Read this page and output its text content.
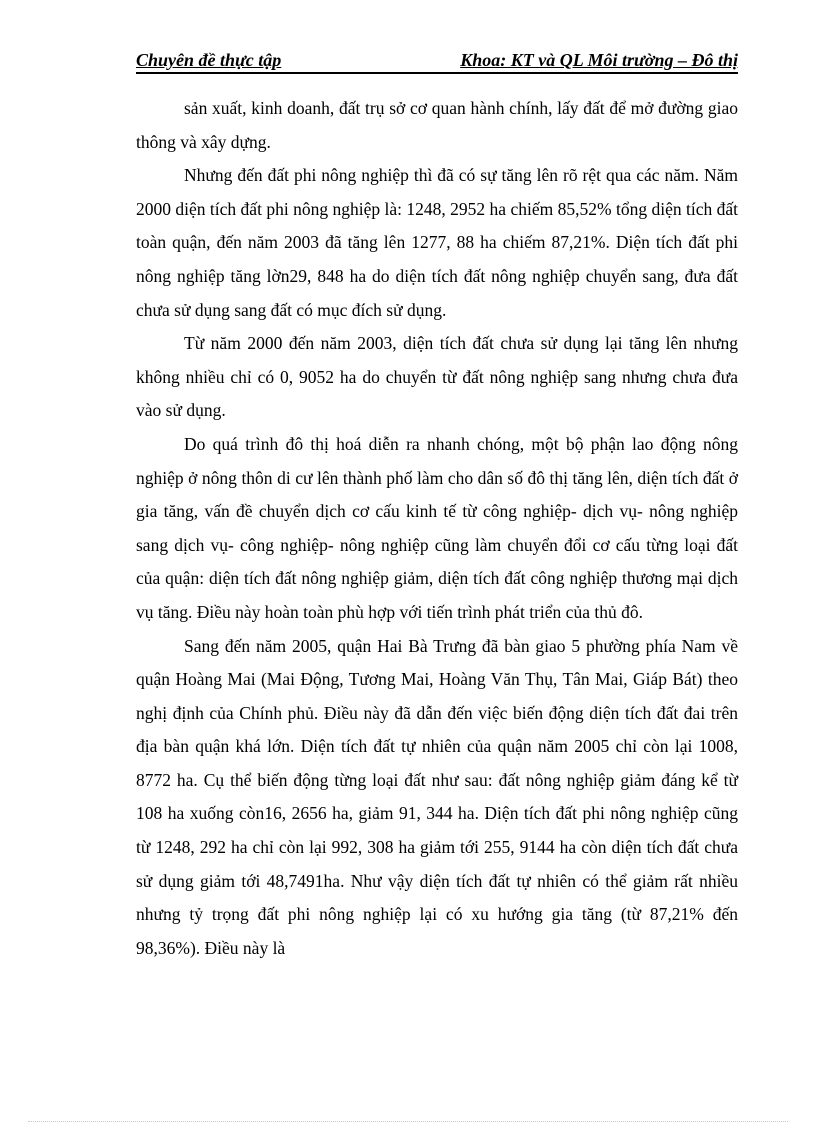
Chuyên đề thực tập	Khoa: KT và QL Môi trường – Đô thị

sản xuất, kinh doanh, đất trụ sở cơ quan hành chính, lấy đất để mở đường giao thông và xây dựng.

Nhưng đến đất phi nông nghiệp thì đã có sự tăng lên rõ rệt qua các năm. Năm 2000 diện tích đất phi nông nghiệp là: 1248, 2952 ha chiếm 85,52% tổng diện tích đất toàn quận, đến năm 2003 đã tăng lên 1277, 88 ha chiếm 87,21%. Diện tích đất phi nông nghiệp tăng lờn29, 848 ha do diện tích đất nông nghiệp chuyển sang, đưa đất chưa sử dụng sang đất có mục đích sử dụng.

Từ năm 2000 đến năm 2003, diện tích đất chưa sử dụng lại tăng lên nhưng không nhiều chỉ có 0, 9052 ha do chuyển từ đất nông nghiệp sang nhưng chưa đưa vào sử dụng.

Do quá trình đô thị hoá diễn ra nhanh chóng, một bộ phận lao động nông nghiệp ở nông thôn di cư lên thành phố làm cho dân số đô thị tăng lên, diện tích đất ở gia tăng, vấn đề chuyển dịch cơ cấu kinh tế từ công nghiệp- dịch vụ- nông nghiệp sang dịch vụ- công nghiệp- nông nghiệp cũng làm chuyển đổi cơ cấu từng loại đất của quận: diện tích đất nông nghiệp giảm, diện tích đất công nghiệp thương mại dịch vụ tăng. Điều này hoàn toàn phù hợp với tiến trình phát triển của thủ đô.

Sang đến năm 2005, quận Hai Bà Trưng đã bàn giao 5 phường phía Nam về quận Hoàng Mai (Mai Động, Tương Mai, Hoàng Văn Thụ, Tân Mai, Giáp Bát) theo nghị định của Chính phủ. Điều này đã dẫn đến việc biến động diện tích đất đai trên địa bàn quận khá lớn. Diện tích đất tự nhiên của quận năm 2005 chỉ còn lại 1008, 8772 ha. Cụ thể biến động từng loại đất như sau: đất nông nghiệp giảm đáng kể từ 108 ha xuống còn16, 2656 ha, giảm 91, 344 ha. Diện tích đất phi nông nghiệp cũng từ 1248, 292 ha chỉ còn lại 992, 308 ha giảm tới 255, 9144 ha còn diện tích đất chưa sử dụng giảm tới 48,7491ha. Như vậy diện tích đất tự nhiên có thể giảm rất nhiều nhưng tỷ trọng đất phi nông nghiệp lại có xu hướng gia tăng (từ 87,21% đến 98,36%). Điều này là
